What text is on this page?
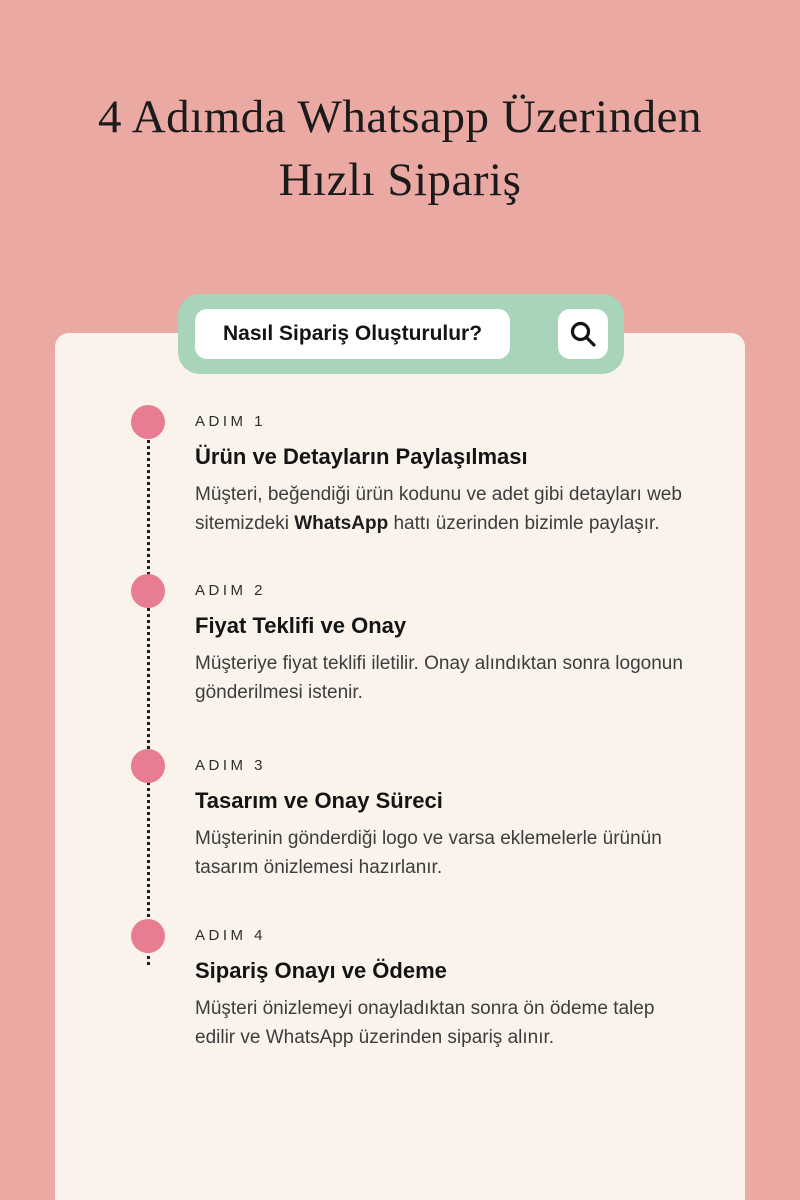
4 Adımda Whatsapp Üzerinden Hızlı Sipariş
Nasıl Sipariş Oluşturulur?
ADIM 1
Ürün ve Detayların Paylaşılması
Müşteri, beğendiği ürün kodunu ve adet gibi detayları web sitemizdeki WhatsApp hattı üzerinden bizimle paylaşır.
ADIM 2
Fiyat Teklifi ve Onay
Müşteriye fiyat teklifi iletilir. Onay alındıktan sonra logonun gönderilmesi istenir.
ADIM 3
Tasarım ve Onay Süreci
Müşterinin gönderdiği logo ve varsa eklemelerle ürünün tasarım önizlemesi hazırlanır.
ADIM 4
Sipariş Onayı ve Ödeme
Müşteri önizlemeyi onayladıktan sonra ön ödeme talep edilir ve WhatsApp üzerinden sipariş alınır.
